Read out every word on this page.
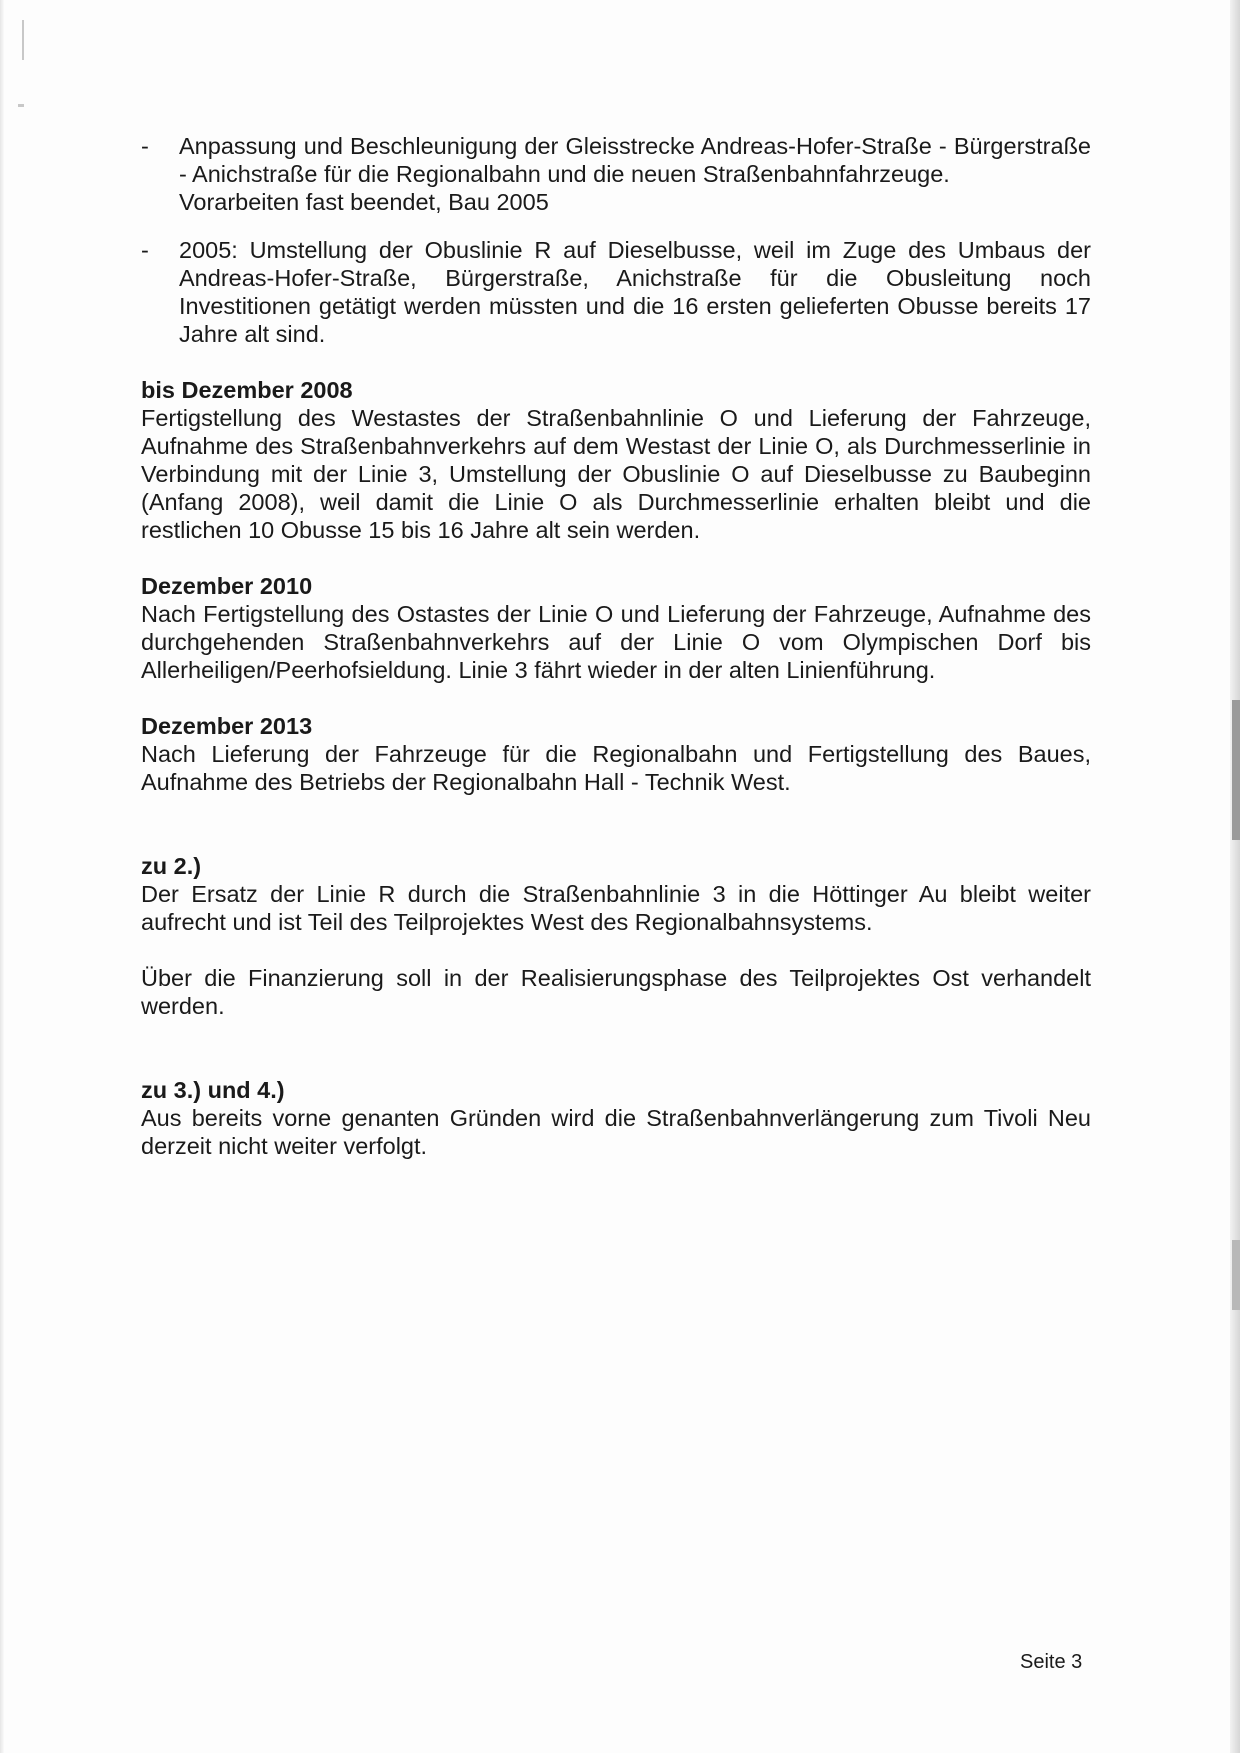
- Anpassung und Beschleunigung der Gleisstrecke Andreas-Hofer-Straße - Bürgerstraße - Anichstraße für die Regionalbahn und die neuen Straßenbahnfahrzeuge.

Vorarbeiten fast beendet, Bau 2005

- 2005: Umstellung der Obuslinie R auf Dieselbusse, weil im Zuge des Umbaus der Andreas-Hofer-Straße, Bürgerstraße, Anichstraße für die Obusleitung noch Investitionen getätigt werden müssten und die 16 ersten gelieferten Obusse bereits 17 Jahre alt sind.

bis Dezember 2008

Fertigstellung des Westastes der Straßenbahnlinie O und Lieferung der Fahrzeuge, Aufnahme des Straßenbahnverkehrs auf dem Westast der Linie O, als Durchmesserlinie in Verbindung mit der Linie 3, Umstellung der Obuslinie O auf Dieselbusse zu Baubeginn (Anfang 2008), weil damit die Linie O als Durchmesserlinie erhalten bleibt und die restlichen 10 Obusse 15 bis 16 Jahre alt sein werden.

Dezember 2010

Nach Fertigstellung des Ostastes der Linie O und Lieferung der Fahrzeuge, Aufnahme des durchgehenden Straßenbahnverkehrs auf der Linie O vom Olympischen Dorf bis Allerheiligen/Peerhofsieldung. Linie 3 fährt wieder in der alten Linienführung.

Dezember 2013

Nach Lieferung der Fahrzeuge für die Regionalbahn und Fertigstellung des Baues, Aufnahme des Betriebs der Regionalbahn Hall - Technik West.

zu 2.)

Der Ersatz der Linie R durch die Straßenbahnlinie 3 in die Höttinger Au bleibt weiter aufrecht und ist Teil des Teilprojektes West des Regionalbahnsystems.

Über die Finanzierung soll in der Realisierungsphase des Teilprojektes Ost verhandelt werden.

zu 3.) und 4.)

Aus bereits vorne genanten Gründen wird die Straßenbahnverlängerung zum Tivoli Neu derzeit nicht weiter verfolgt.

Seite 3
